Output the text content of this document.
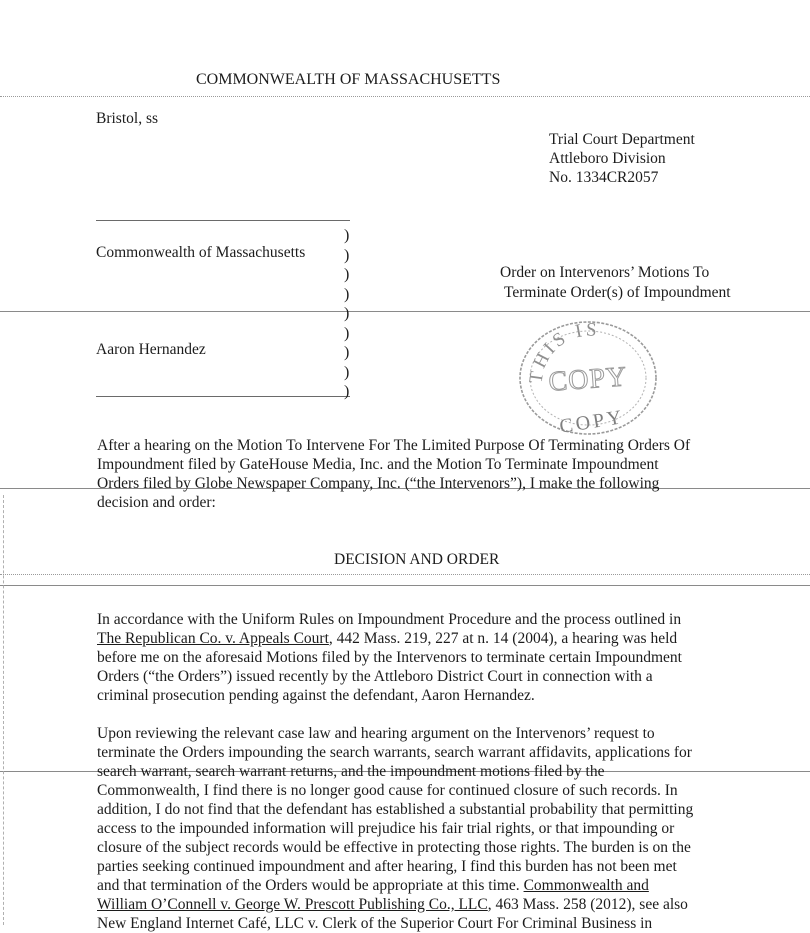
COMMONWEALTH OF MASSACHUSETTS
Bristol, ss
Trial Court Department
Attleboro Division
No. 1334CR2057
Commonwealth of Massachusetts
Aaron Hernandez
)
)
)
)
)
)
)
)
)
Order on Intervenors’ Motions To
Terminate Order(s) of Impoundment
THIS IS
COPY
COPY
After a hearing on the Motion To Intervene For The Limited Purpose Of Terminating Orders Of
Impoundment filed by GateHouse Media, Inc. and the Motion To Terminate Impoundment
Orders filed by Globe Newspaper Company, Inc. (“the Intervenors”), I make the following
decision and order:
DECISION AND ORDER
In accordance with the Uniform Rules on Impoundment Procedure and the process outlined in
The Republican Co. v. Appeals Court, 442 Mass. 219, 227 at n. 14 (2004), a hearing was held
before me on the aforesaid Motions filed by the Intervenors to terminate certain Impoundment
Orders (“the Orders”) issued recently by the Attleboro District Court in connection with a
criminal prosecution pending against the defendant, Aaron Hernandez.
Upon reviewing the relevant case law and hearing argument on the Intervenors’ request to
terminate the Orders impounding the search warrants, search warrant affidavits, applications for
search warrant, search warrant returns, and the impoundment motions filed by the
Commonwealth, I find there is no longer good cause for continued closure of such records. In
addition, I do not find that the defendant has established a substantial probability that permitting
access to the impounded information will prejudice his fair trial rights, or that impounding or
closure of the subject records would be effective in protecting those rights. The burden is on the
parties seeking continued impoundment and after hearing, I find this burden has not been met
and that termination of the Orders would be appropriate at this time. Commonwealth and
William O’Connell v. George W. Prescott Publishing Co., LLC, 463 Mass. 258 (2012), see also
New England Internet Café, LLC v. Clerk of the Superior Court For Criminal Business in
